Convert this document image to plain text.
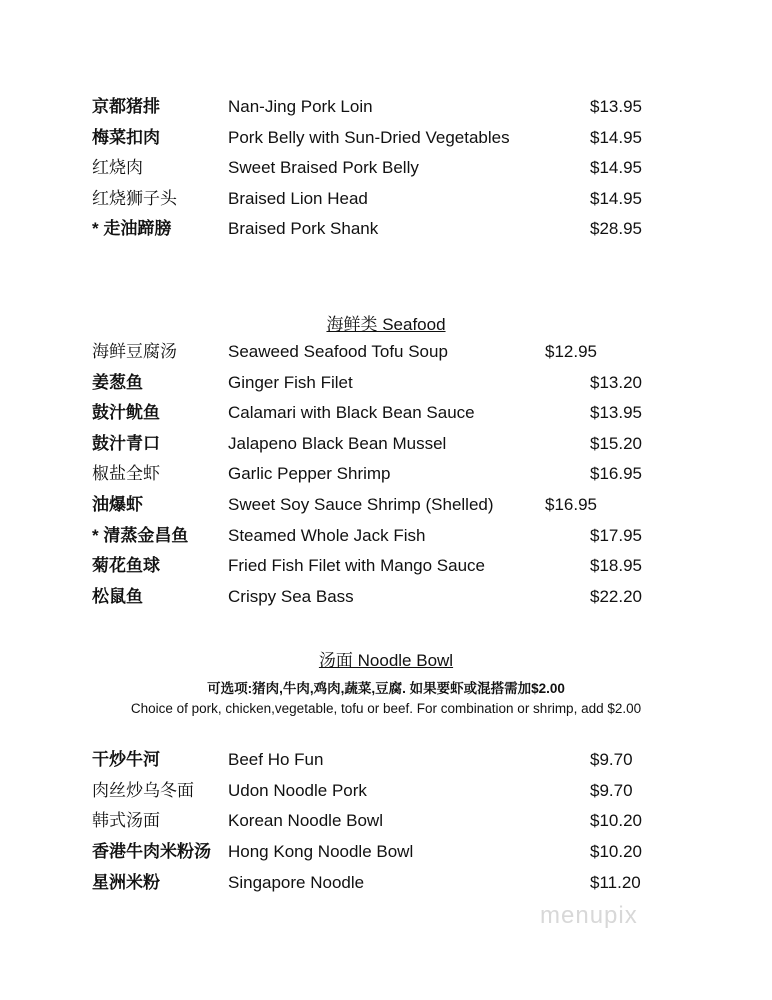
京都猪排	Nan-Jing Pork Loin	$13.95
梅菜扣肉	Pork Belly with Sun-Dried Vegetables	$14.95
红烧肉	Sweet Braised Pork Belly	$14.95
红烧狮子头	Braised Lion Head	$14.95
* 走油蹄膀	Braised Pork Shank	$28.95
海鲜类 Seafood
海鲜豆腐汤	Seaweed Seafood Tofu Soup	$12.95
姜葱鱼	Ginger Fish Filet	$13.20
鼓汁鱿鱼	Calamari with Black Bean Sauce	$13.95
鼓汁青口	Jalapeno Black Bean Mussel	$15.20
椒盐全虾	Garlic Pepper Shrimp	$16.95
油爆虾	Sweet Soy Sauce Shrimp (Shelled)	$16.95
* 清蒸金昌鱼 Steamed Whole Jack Fish	$17.95
菊花鱼球	Fried Fish Filet with Mango Sauce	$18.95
松鼠鱼	Crispy Sea Bass	$22.20
汤面 Noodle Bowl
可选项:猪肉,牛肉,鸡肉,蔬菜,豆腐. 如果要虾或混搭需加$2.00
Choice of pork, chicken,vegetable, tofu or beef. For combination or shrimp, add $2.00
干炒牛河	Beef Ho Fun	$9.70
肉丝炒乌冬面 Udon Noodle Pork	$9.70
韩式汤面	Korean Noodle Bowl	$10.20
香港牛肉米粉汤 Hong Kong Noodle Bowl	$10.20
星洲米粉	Singapore Noodle	$11.20
menupix
